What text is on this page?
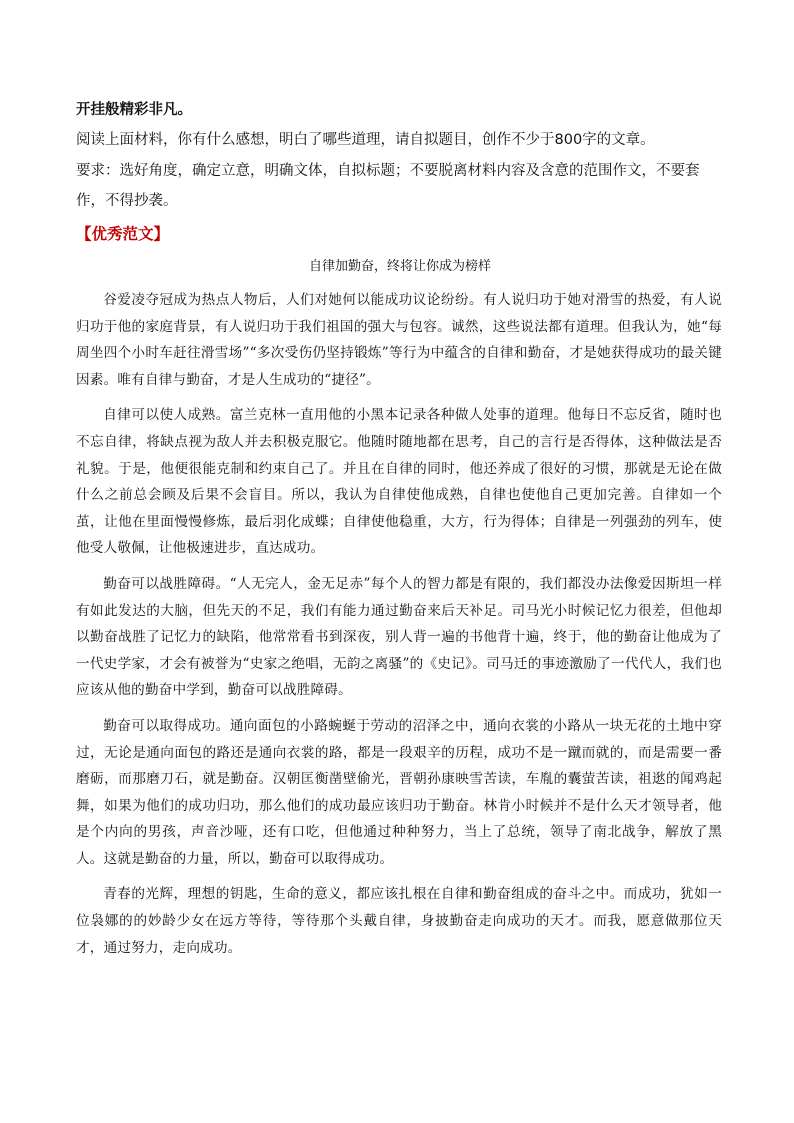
开挂般精彩非凡。

阅读上面材料，你有什么感想，明白了哪些道理，请自拟题目，创作不少于800字的文章。

要求：选好角度，确定立意，明确文体，自拟标题；不要脱离材料内容及含意的范围作文，不要套作，不得抄袭。

【优秀范文】
自律加勤奋，终将让你成为榜样

谷爱凌夺冠成为热点人物后，人们对她何以能成功议论纷纷。有人说归功于她对滑雪的热爱，有人说归功于他的家庭背景，有人说归功于我们祖国的强大与包容。诚然，这些说法都有道理。但我认为，她“每周坐四个小时车赶往滑雪场”“多次受伤仍坚持锻炼”等行为中蕴含的自律和勤奋，才是她获得成功的最关键因素。唯有自律与勤奋，才是人生成功的“捷径”。

自律可以使人成熟。富兰克林一直用他的小黑本记录各种做人处事的道理。他每日不忘反省，随时也不忘自律，将缺点视为敌人并去积极克服它。他随时随地都在思考，自己的言行是否得体，这种做法是否礼貌。于是，他便很能克制和约束自己了。并且在自律的同时，他还养成了很好的习惯，那就是无论在做什么之前总会顾及后果不会盲目。所以，我认为自律使他成熟，自律也使他自己更加完善。自律如一个茧，让他在里面慢慢修炼，最后羽化成蝶；自律使他稳重，大方，行为得体；自律是一列强劲的列车，使他受人敬佩，让他极速进步，直达成功。

勤奋可以战胜障碍。“人无完人，金无足赤”每个人的智力都是有限的，我们都没办法像爱因斯坦一样有如此发达的大脑，但先天的不足，我们有能力通过勤奋来后天补足。司马光小时候记忆力很差，但他却以勤奋战胜了记忆力的缺陷，他常常看书到深夜，别人背一遍的书他背十遍，终于，他的勤奋让他成为了一代史学家，才会有被誉为“史家之绝唱，无韵之离骚”的《史记》。司马迁的事迹激励了一代代人，我们也应该从他的勤奋中学到，勤奋可以战胜障碍。

勤奋可以取得成功。通向面包的小路蜿蜒于劳动的沼泽之中，通向衣裳的小路从一块无花的土地中穿过，无论是通向面包的路还是通向衣裳的路，都是一段艰辛的历程，成功不是一蹴而就的，而是需要一番磨砺，而那磨刀石，就是勤奋。汉朝匡衡凿壁偷光，晋朝孙康映雪苦读，车胤的囊萤苦读，祖逖的闻鸡起舞，如果为他们的成功归功，那么他们的成功最应该归功于勤奋。林肯小时候并不是什么天才领导者，他是个内向的男孩，声音沙哑，还有口吃，但他通过种种努力，当上了总统，领导了南北战争，解放了黑人。这就是勤奋的力量，所以，勤奋可以取得成功。

青春的光辉，理想的钥匙，生命的意义，都应该扎根在自律和勤奋组成的奋斗之中。而成功，犹如一位袅娜的的妙龄少女在远方等待，等待那个头戴自律，身披勤奋走向成功的天才。而我，愿意做那位天才，通过努力，走向成功。
